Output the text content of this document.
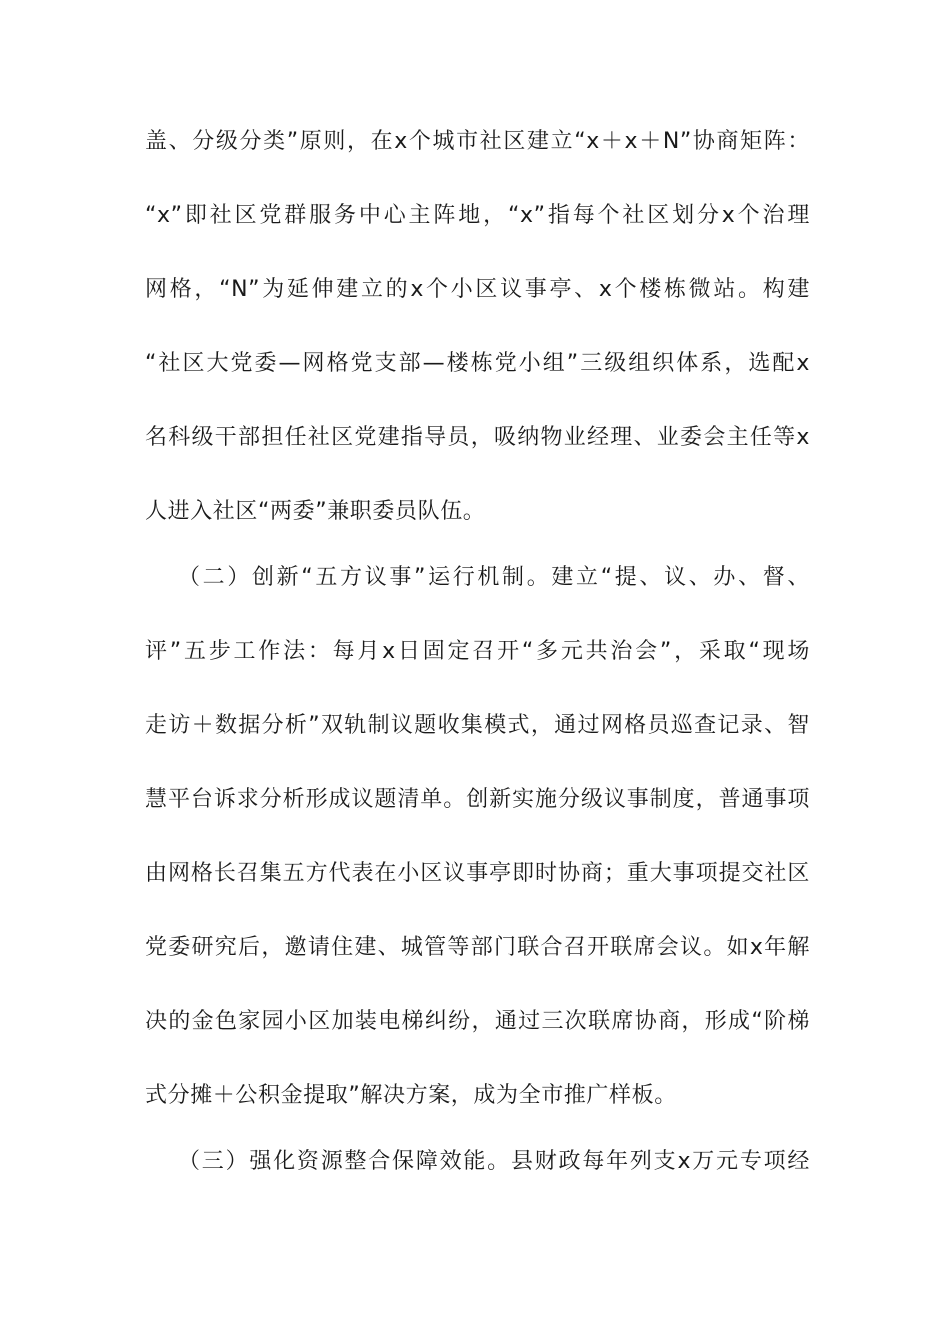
盖、分级分类”原则，在x个城市社区建立“x＋x＋N”协商矩阵：
“x”即社区党群服务中心主阵地，“x”指每个社区划分x个治理
网格，“N”为延伸建立的x个小区议事亭、x个楼栋微站。构建
“社区大党委—网格党支部—楼栋党小组”三级组织体系，选配x
名科级干部担任社区党建指导员，吸纳物业经理、业委会主任等x
人进入社区“两委”兼职委员队伍。
（二）创新“五方议事”运行机制。建立“提、议、办、督、
评”五步工作法：每月x日固定召开“多元共治会”，采取“现场
走访＋数据分析”双轨制议题收集模式，通过网格员巡查记录、智
慧平台诉求分析形成议题清单。创新实施分级议事制度，普通事项
由网格长召集五方代表在小区议事亭即时协商；重大事项提交社区
党委研究后，邀请住建、城管等部门联合召开联席会议。如x年解
决的金色家园小区加装电梯纠纷，通过三次联席协商，形成“阶梯
式分摊＋公积金提取”解决方案，成为全市推广样板。
（三）强化资源整合保障效能。县财政每年列支x万元专项经
